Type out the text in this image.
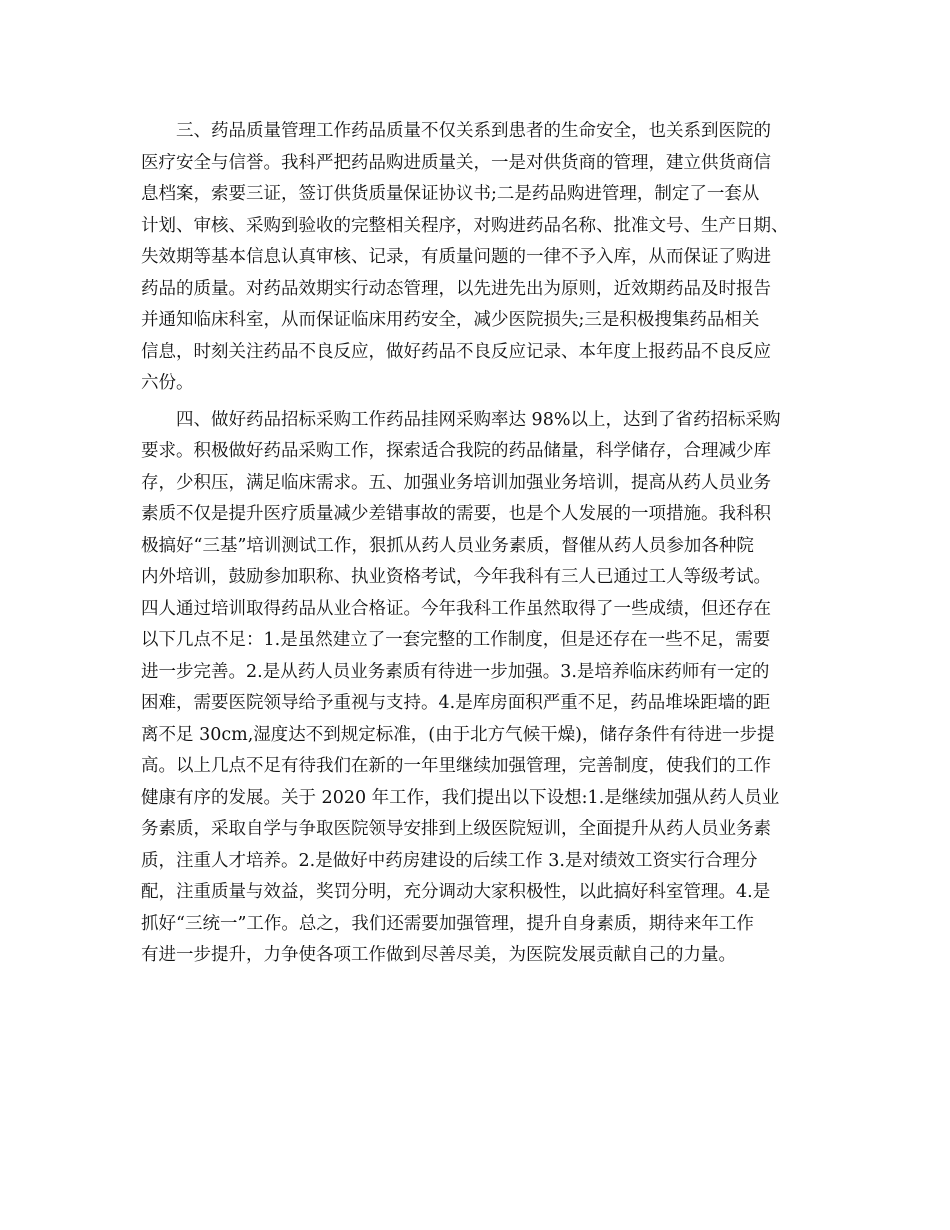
三、药品质量管理工作药品质量不仅关系到患者的生命安全，也关系到医院的
医疗安全与信誉。我科严把药品购进质量关，一是对供货商的管理，建立供货商信
息档案，索要三证，签订供货质量保证协议书;二是药品购进管理，制定了一套从
计划、审核、采购到验收的完整相关程序，对购进药品名称、批准文号、生产日期、
失效期等基本信息认真审核、记录，有质量问题的一律不予入库，从而保证了购进
药品的质量。对药品效期实行动态管理，以先进先出为原则，近效期药品及时报告
并通知临床科室，从而保证临床用药安全，减少医院损失;三是积极搜集药品相关
信息，时刻关注药品不良反应，做好药品不良反应记录、本年度上报药品不良反应
六份。
四、做好药品招标采购工作药品挂网采购率达 98%以上，达到了省药招标采购
要求。积极做好药品采购工作，探索适合我院的药品储量，科学储存，合理减少库
存，少积压，满足临床需求。五、加强业务培训加强业务培训，提高从药人员业务
素质不仅是提升医疗质量减少差错事故的需要，也是个人发展的一项措施。我科积
极搞好“三基”培训测试工作，狠抓从药人员业务素质，督催从药人员参加各种院
内外培训，鼓励参加职称、执业资格考试，今年我科有三人已通过工人等级考试。
四人通过培训取得药品从业合格证。今年我科工作虽然取得了一些成绩，但还存在
以下几点不足：1.是虽然建立了一套完整的工作制度，但是还存在一些不足，需要
进一步完善。2.是从药人员业务素质有待进一步加强。3.是培养临床药师有一定的
困难，需要医院领导给予重视与支持。4.是库房面积严重不足，药品堆垛距墙的距
离不足 30cm,湿度达不到规定标准，(由于北方气候干燥)，储存条件有待进一步提
高。以上几点不足有待我们在新的一年里继续加强管理，完善制度，使我们的工作
健康有序的发展。关于 2020 年工作，我们提出以下设想:1.是继续加强从药人员业
务素质，采取自学与争取医院领导安排到上级医院短训，全面提升从药人员业务素
质，注重人才培养。2.是做好中药房建设的后续工作 3.是对绩效工资实行合理分
配，注重质量与效益，奖罚分明，充分调动大家积极性，以此搞好科室管理。4.是
抓好“三统一”工作。总之，我们还需要加强管理，提升自身素质，期待来年工作
有进一步提升，力争使各项工作做到尽善尽美，为医院发展贡献自己的力量。
